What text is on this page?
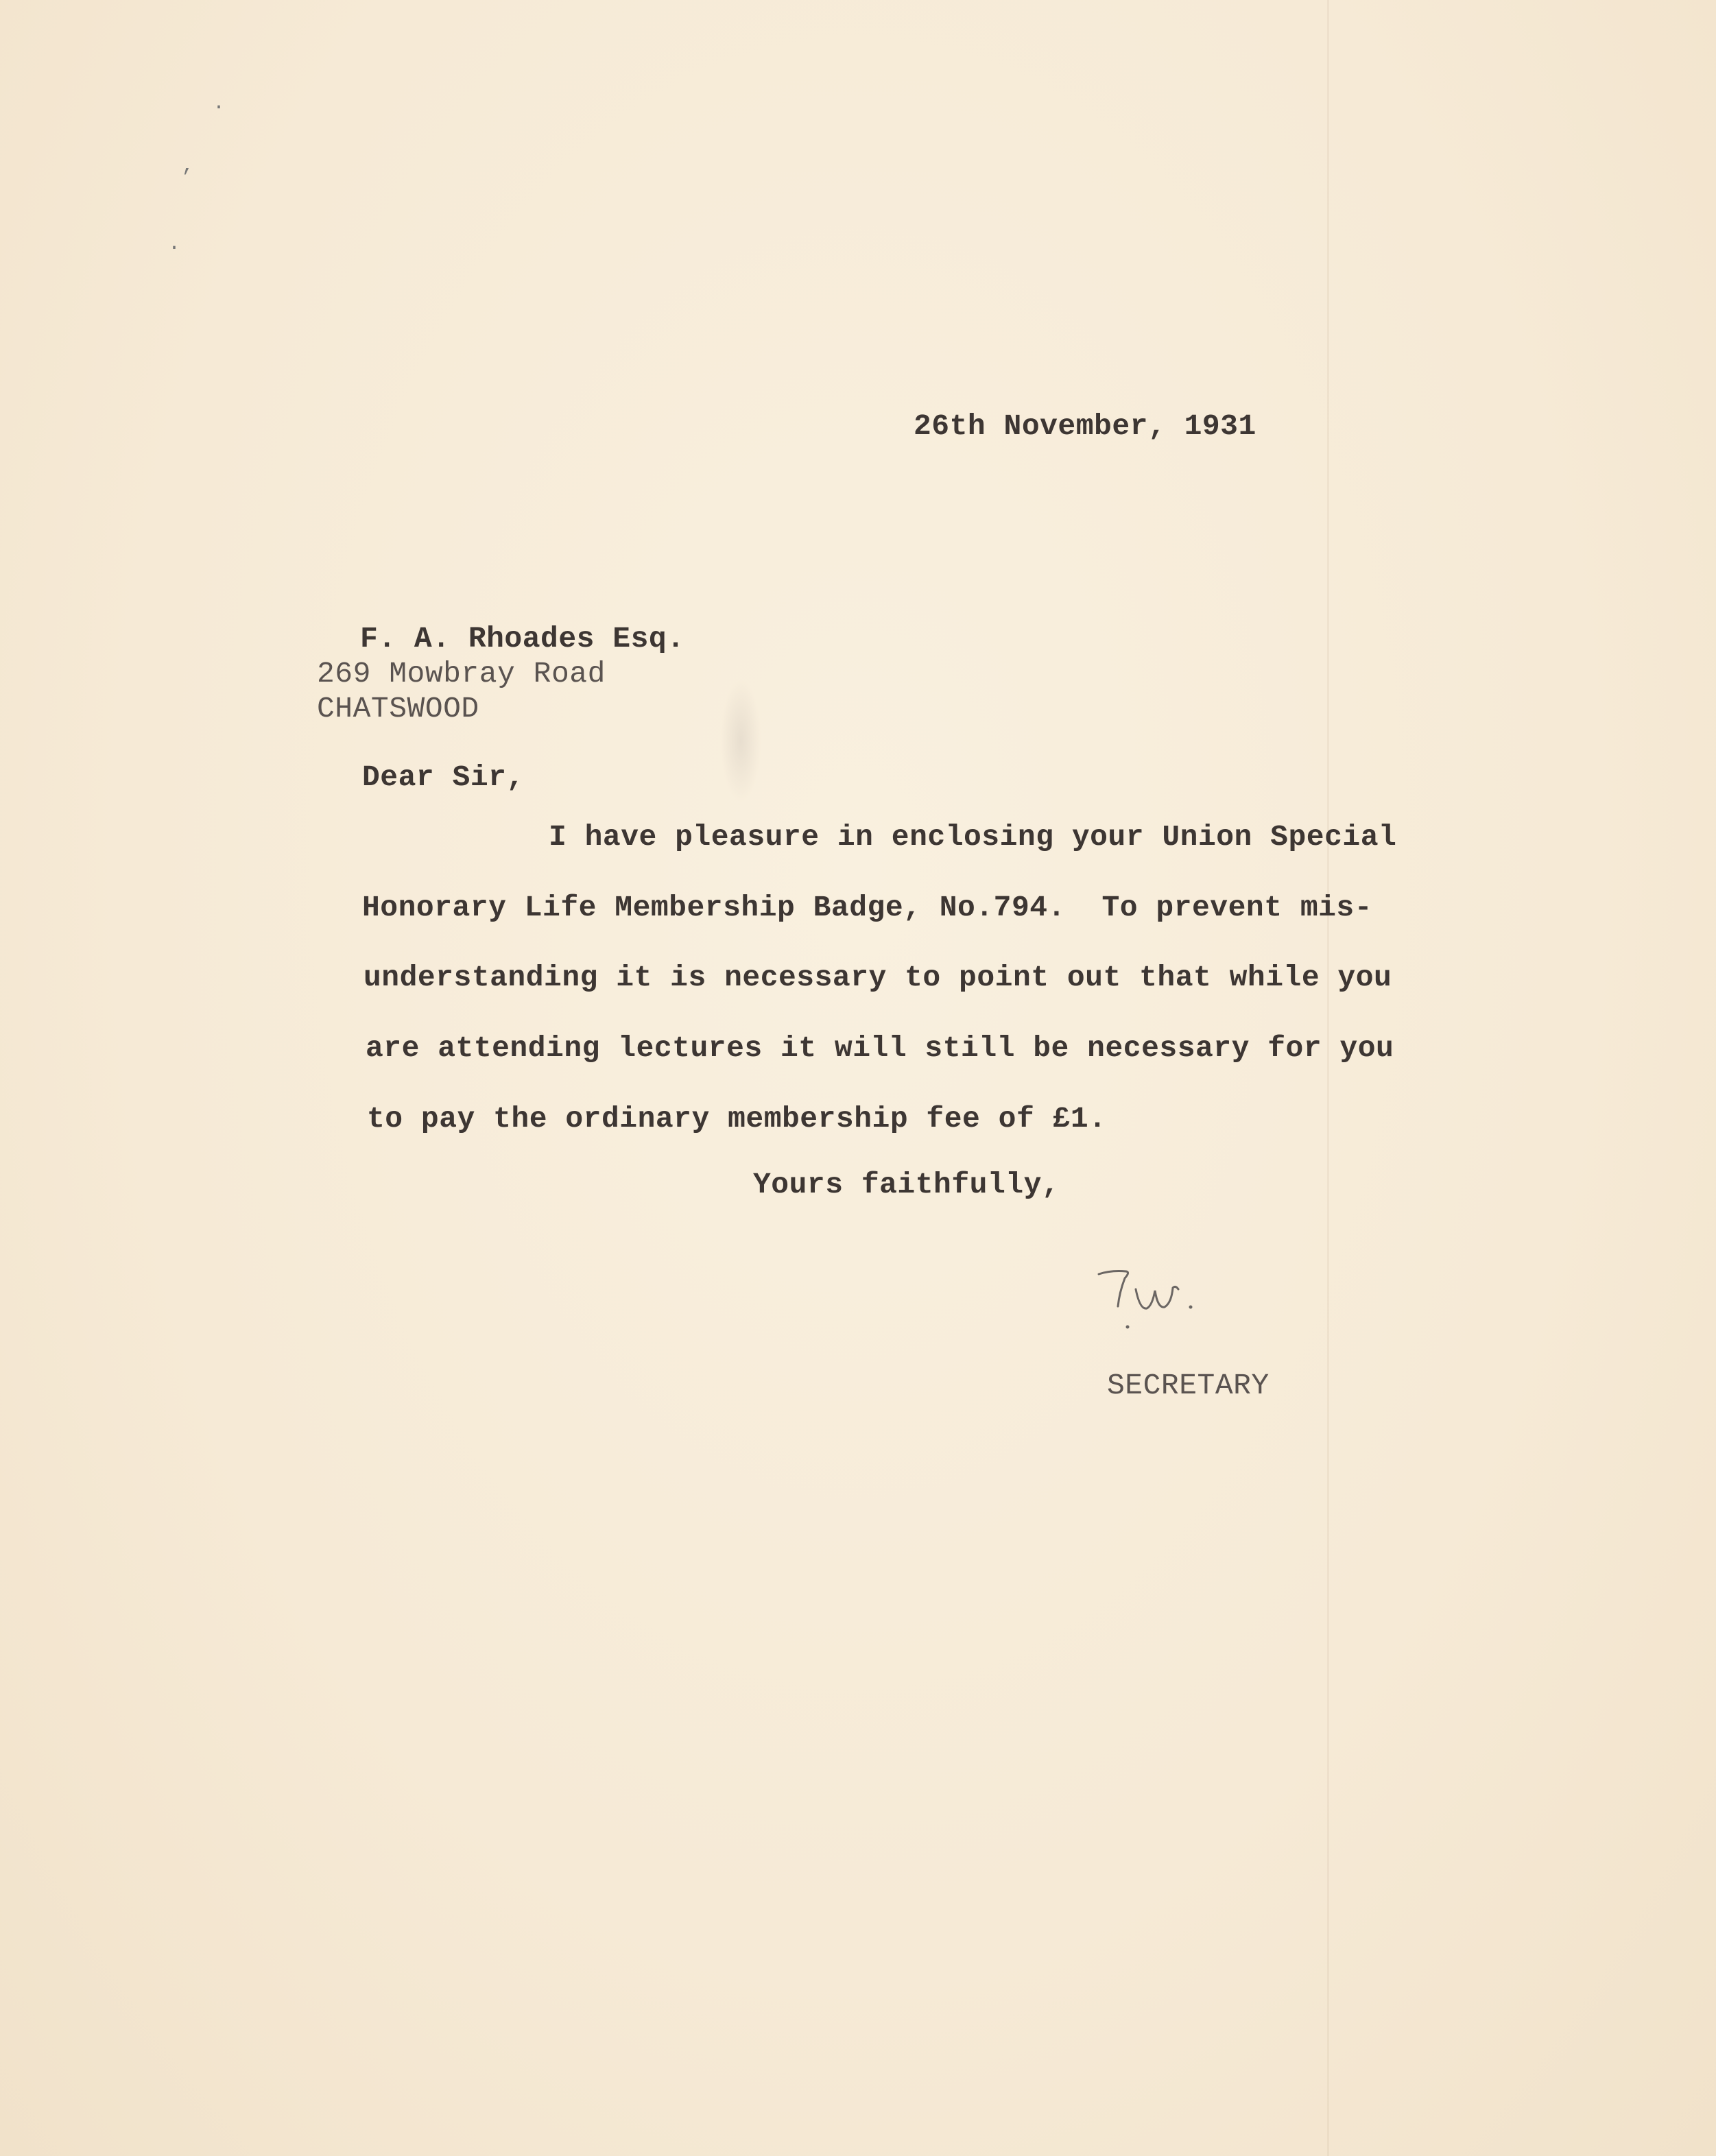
·
,
·
26th November, 1931
F. A. Rhoades Esq.
269 Mowbray Road
CHATSWOOD
Dear Sir,
I have pleasure in enclosing your Union Special
Honorary Life Membership Badge, No.794.  To prevent mis-
understanding it is necessary to point out that while you
are attending lectures it will still be necessary for you
to pay the ordinary membership fee of £1.
Yours faithfully,
SECRETARY
